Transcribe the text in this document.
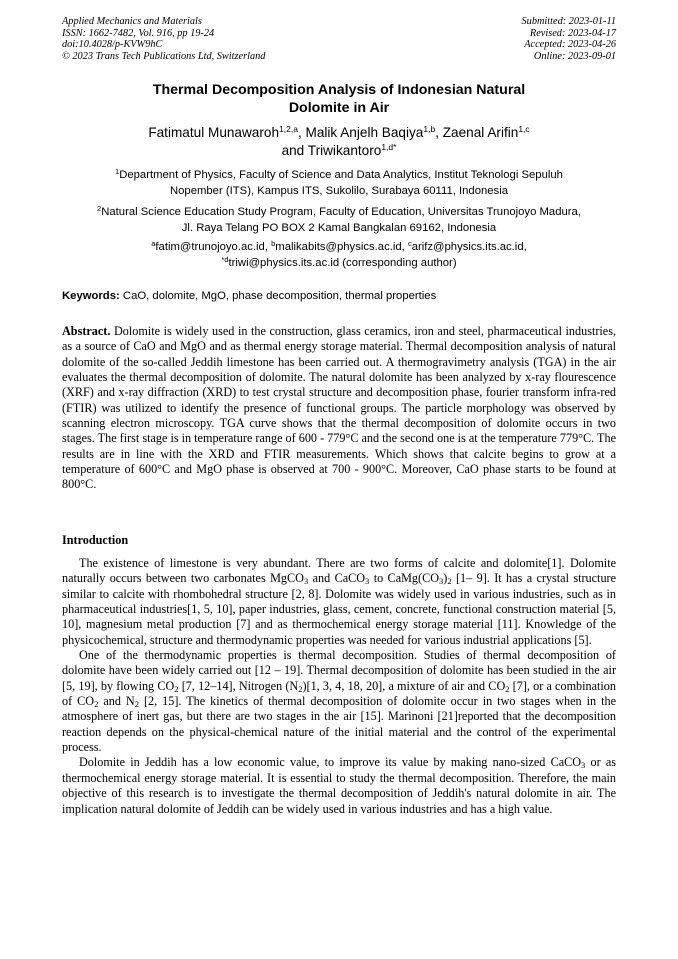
Applied Mechanics and Materials
ISSN: 1662-7482, Vol. 916, pp 19-24
doi:10.4028/p-KVW9hC
© 2023 Trans Tech Publications Ltd, Switzerland
Submitted: 2023-01-11
Revised: 2023-04-17
Accepted: 2023-04-26
Online: 2023-09-01
Thermal Decomposition Analysis of Indonesian Natural
Dolomite in Air
Fatimatul Munawaroh$^{1,2,a}$, Malik Anjelh Baqiya$^{1,b}$, Zaenal Arifin$^{1,c}$
and Triwikantoro$^{1,d*}$
$^1$Department of Physics, Faculty of Science and Data Analytics, Institut Teknologi Sepuluh
Nopember (ITS), Kampus ITS, Sukolilo, Surabaya 60111, Indonesia
$^2$Natural Science Education Study Program, Faculty of Education, Universitas Trunojoyo Madura,
Jl. Raya Telang PO BOX 2 Kamal Bangkalan 69162, Indonesia
$^a$fatim@trunojoyo.ac.id, $^b$malikabits@physics.ac.id, $^c$arifz@physics.its.ac.id,
$^{*d}$triwi@physics.its.ac.id (corresponding author)
Keywords: CaO, dolomite, MgO, phase decomposition, thermal properties
Abstract. Dolomite is widely used in the construction, glass ceramics, iron and steel, pharmaceutical industries, as a source of CaO and MgO and as thermal energy storage material. Thermal decomposition analysis of natural dolomite of the so-called Jeddih limestone has been carried out. A thermogravimetry analysis (TGA) in the air evaluates the thermal decomposition of dolomite. The natural dolomite has been analyzed by x-ray flourescence (XRF) and x-ray diffraction (XRD) to test crystal structure and decomposition phase, fourier transform infra-red (FTIR) was utilized to identify the presence of functional groups. The particle morphology was observed by scanning electron microscopy. TGA curve shows that the thermal decomposition of dolomite occurs in two stages. The first stage is in temperature range of 600 - 779°C and the second one is at the temperature 779°C. The results are in line with the XRD and FTIR measurements. Which shows that calcite begins to grow at a temperature of 600°C and MgO phase is observed at 700 - 900°C. Moreover, CaO phase starts to be found at 800°C.
Introduction

The existence of limestone is very abundant. There are two forms of calcite and dolomite[1]. Dolomite naturally occurs between two carbonates MgCO$_3$ and CaCO$_3$ to $CaMg(CO_3)_2$ [1– 9]. It has a crystal structure similar to calcite with rhombohedral structure [2, 8]. Dolomite was widely used in various industries, such as in pharmaceutical industries[1, 5, 10], paper industries, glass, cement, concrete, functional construction material [5, 10], magnesium metal production [7] and as thermochemical energy storage material [11]. Knowledge of the physicochemical, structure and thermodynamic properties was needed for various industrial applications [5].

One of the thermodynamic properties is thermal decomposition. Studies of thermal decomposition of dolomite have been widely carried out [12 – 19]. Thermal decomposition of dolomite has been studied in the air [5, 19], by flowing $CO_2$ [7, 12–14], Nitrogen $(N_2)[1$, 3, 4, 18, 20], a mixture of air and $CO_2$ [7], or a combination of $CO_2$ and $N_2$ [2, 15]. The kinetics of thermal decomposition of dolomite occur in two stages when in the atmosphere of inert gas, but there are two stages in the air [15]. Marinoni [21]reported that the decomposition reaction depends on the physical-chemical nature of the initial material and the control of the experimental process.

Dolomite in Jeddih has a low economic value, to improve its value by making nano-sized CaCO$_3$ or as thermochemical energy storage material. It is essential to study the thermal decomposition. Therefore, the main objective of this research is to investigate the thermal decomposition of Jeddih's natural dolomite in air. The implication natural dolomite of Jeddih can be widely used in various industries and has a high value.
